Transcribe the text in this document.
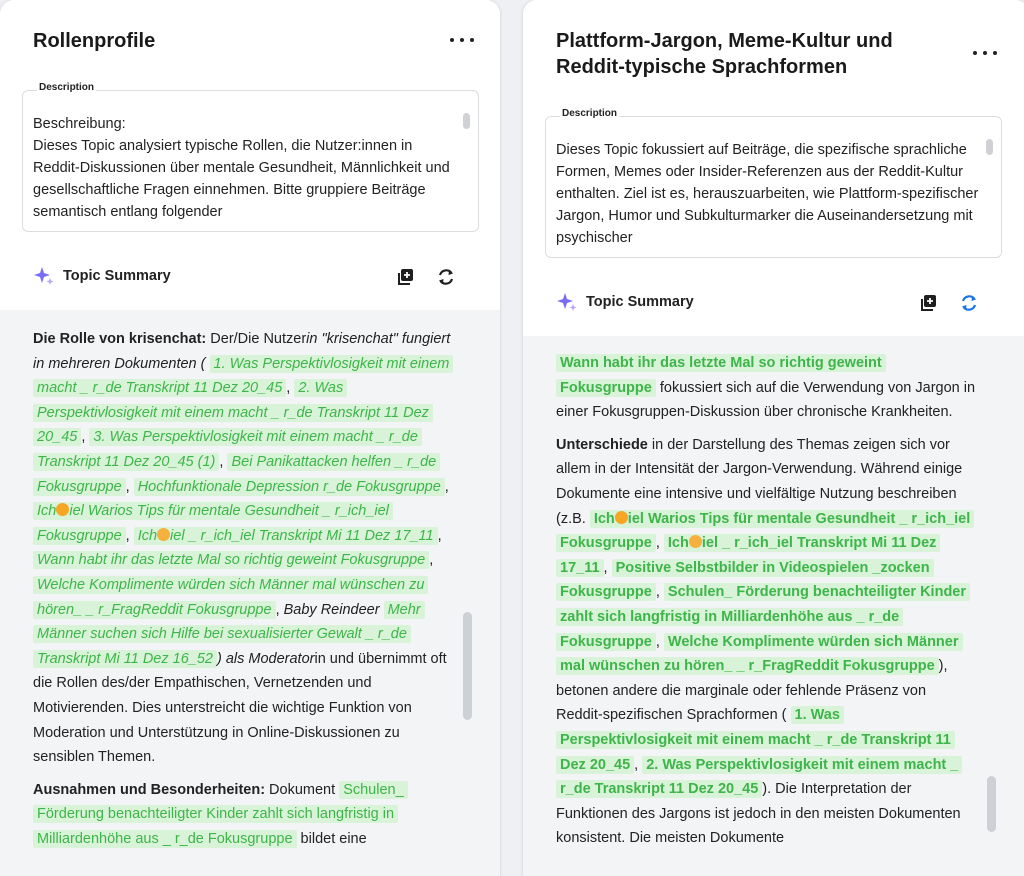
Rollenprofile
Beschreibung:
Dieses Topic analysiert typische Rollen, die Nutzer:innen in Reddit-Diskussionen über mentale Gesundheit, Männlichkeit und gesellschaftliche Fragen einnehmen. Bitte gruppiere Beiträge semantisch entlang folgender
Description
Topic Summary

Die Rolle von krisenchat: Der/Die Nutzerin "krisenchat" fungiert in mehreren Dokumenten ( 1. Was Perspektivlosigkeit mit einem macht _ r_de Transkript 11 Dez 20_45 , 2. Was Perspektivlosigkeit mit einem macht _ r_de Transkript 11 Dez 20_45 , 3. Was Perspektivlosigkeit mit einem macht _ r_de Transkript 11 Dez 20_45 (1) , Bei Panikattacken helfen _ r_de Fokusgruppe , Hochfunktionale Depression r_de Fokusgruppe , Ich iel Warios Tips für mentale Gesundheit _ r_ich_iel Fokusgruppe , Ich iel _ r_ich_iel Transkript Mi 11 Dez 17_11 , Wann habt ihr das letzte Mal so richtig geweint Fokusgruppe , Welche Komplimente würden sich Männer mal wünschen zu hören_ _ r_FragReddit Fokusgruppe , Baby Reindeer Mehr Männer suchen sich Hilfe bei sexualisierter Gewalt _ r_de Transkript Mi 11 Dez 16_52 ) als Moderatorin und übernimmt oft die Rollen des/der Empathischen, Vernetzenden und Motivierenden. Dies unterstreicht die wichtige Funktion von Moderation und Unterstützung in Online-Diskussionen zu sensiblen Themen.

Ausnahmen und Besonderheiten: Dokument Schulen_ Förderung benachteiligter Kinder zahlt sich langfristig in Milliardenhöhe aus _ r_de Fokusgruppe bildet eine

Plattform-Jargon, Meme-Kultur und Reddit-typische Sprachformen
Dieses Topic fokussiert auf Beiträge, die spezifische sprachliche Formen, Memes oder Insider-Referenzen aus der Reddit-Kultur enthalten. Ziel ist es, herauszuarbeiten, wie Plattform-spezifischer Jargon, Humor und Subkulturmarker die Auseinandersetzung mit psychischer
Description
Topic Summary

Wann habt ihr das letzte Mal so richtig geweint Fokusgruppe fokussiert sich auf die Verwendung von Jargon in einer Fokusgruppen-Diskussion über chronische Krankheiten.

Unterschiede in der Darstellung des Themas zeigen sich vor allem in der Intensität der Jargon-Verwendung. Während einige Dokumente eine intensive und vielfältige Nutzung beschreiben (z.B. Ich iel Warios Tips für mentale Gesundheit _ r_ich_iel Fokusgruppe , Ich iel _ r_ich_iel Transkript Mi 11 Dez 17_11 , Positive Selbstbilder in Videospielen _zocken Fokusgruppe , Schulen_ Förderung benachteiligter Kinder zahlt sich langfristig in Milliardenhöhe aus _ r_de Fokusgruppe , Welche Komplimente würden sich Männer mal wünschen zu hören_ _ r_FragReddit Fokusgruppe ), betonen andere die marginale oder fehlende Präsenz von Reddit-spezifischen Sprachformen ( 1. Was Perspektivlosigkeit mit einem macht _ r_de Transkript 11 Dez 20_45 , 2. Was Perspektivlosigkeit mit einem macht _ r_de Transkript 11 Dez 20_45 ). Die Interpretation der Funktionen des Jargons ist jedoch in den meisten Dokumenten konsistent. Die meisten Dokumente
